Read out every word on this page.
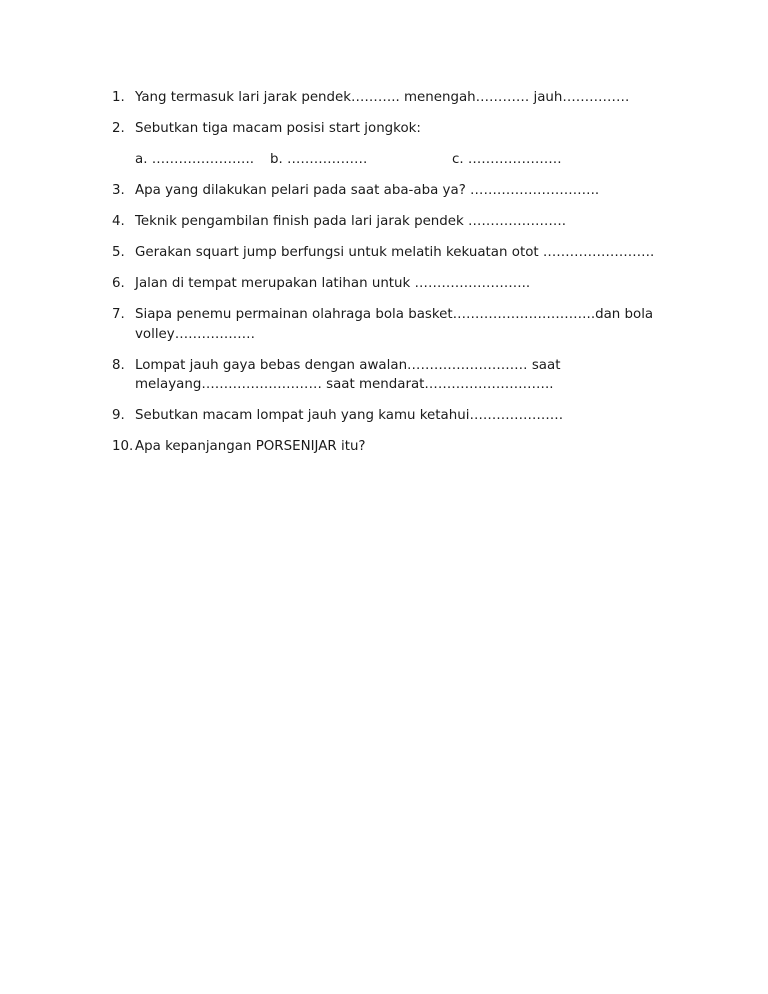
1. Yang termasuk lari jarak pendek……….. menengah………… jauh……………
2. Sebutkan tiga macam posisi start jongkok:
a. ………………….. b. ………………	c. …………………
3. Apa yang dilakukan pelari pada saat aba-aba ya? ………………………..
4. Teknik pengambilan finish pada lari jarak pendek ………………….
5. Gerakan squart jump berfungsi untuk melatih kekuatan otot …………………….
6. Jalan di tempat merupakan latihan untuk ……………………..
7. Siapa penemu permainan olahraga bola basket…………………………..dan bola volley………………
8. Lompat jauh gaya bebas dengan awalan……………………… saat melayang……………………… saat mendarat………………………..
9. Sebutkan macam lompat jauh yang kamu ketahui…………………
10. Apa kepanjangan PORSENIJAR itu?
